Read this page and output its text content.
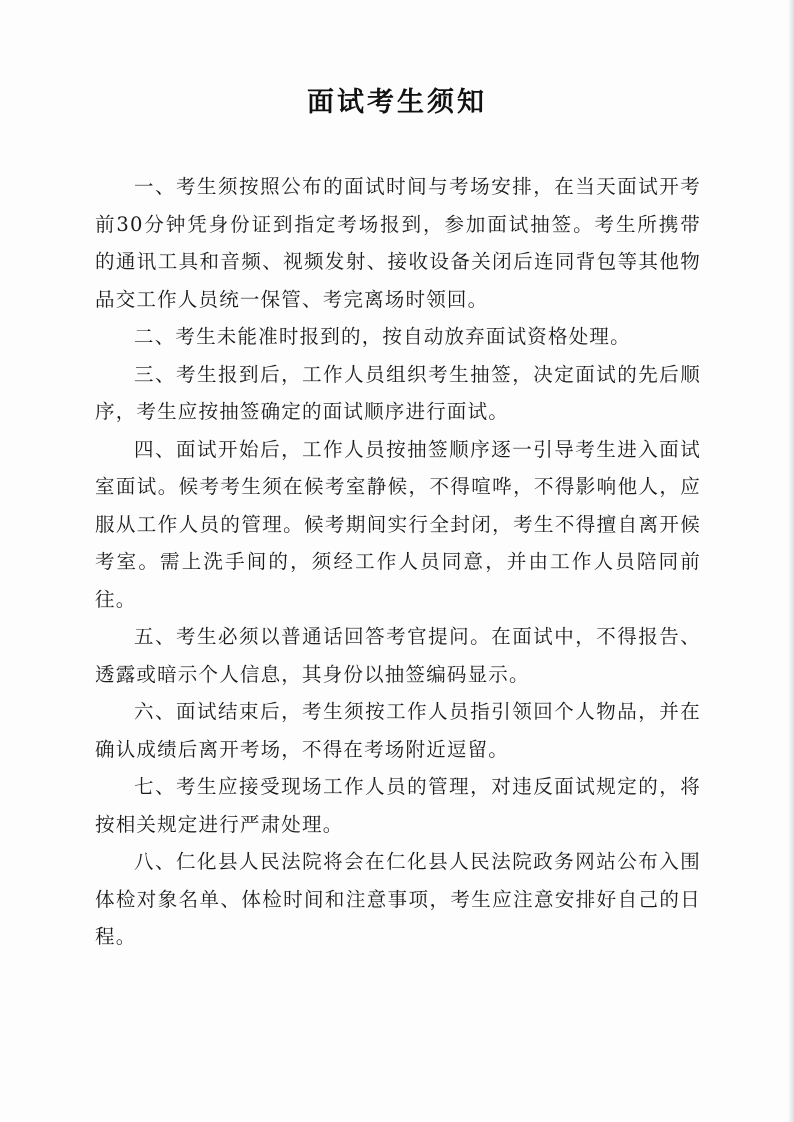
面试考生须知

一、考生须按照公布的面试时间与考场安排，在当天面试开考前30分钟凭身份证到指定考场报到，参加面试抽签。考生所携带的通讯工具和音频、视频发射、接收设备关闭后连同背包等其他物品交工作人员统一保管、考完离场时领回。

二、考生未能准时报到的，按自动放弃面试资格处理。

三、考生报到后，工作人员组织考生抽签，决定面试的先后顺序，考生应按抽签确定的面试顺序进行面试。

四、面试开始后，工作人员按抽签顺序逐一引导考生进入面试室面试。候考考生须在候考室静候，不得喧哗，不得影响他人，应服从工作人员的管理。候考期间实行全封闭，考生不得擅自离开候考室。需上洗手间的，须经工作人员同意，并由工作人员陪同前往。

五、考生必须以普通话回答考官提问。在面试中，不得报告、透露或暗示个人信息，其身份以抽签编码显示。

六、面试结束后，考生须按工作人员指引领回个人物品，并在确认成绩后离开考场，不得在考场附近逗留。

七、考生应接受现场工作人员的管理，对违反面试规定的，将按相关规定进行严肃处理。

八、仁化县人民法院将会在仁化县人民法院政务网站公布入围体检对象名单、体检时间和注意事项，考生应注意安排好自己的日程。
